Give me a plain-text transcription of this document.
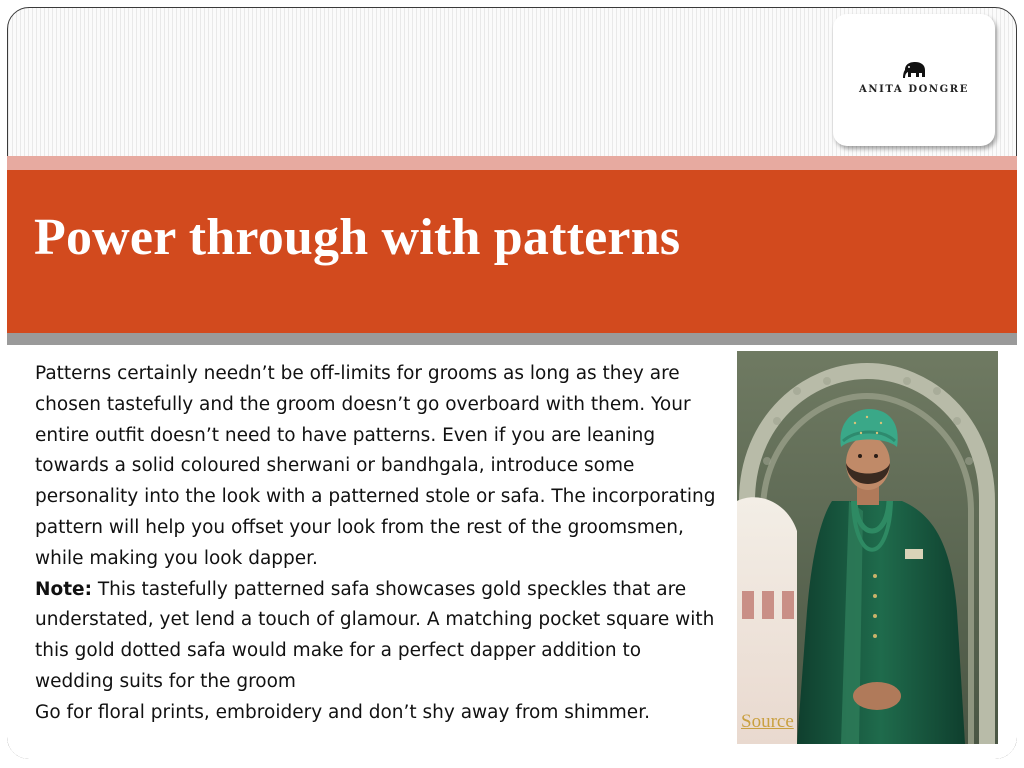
ANITA DONGRE
Power through with patterns

Patterns certainly needn’t be off-limits for grooms as long as they are chosen tastefully and the groom doesn’t go overboard with them. Your entire outfit doesn’t need to have patterns. Even if you are leaning towards a solid coloured sherwani or bandhgala, introduce some personality into the look with a patterned stole or safa. The incorporating pattern will help you offset your look from the rest of the groomsmen, while making you look dapper.
Note: This tastefully patterned safa showcases gold speckles that are understated, yet lend a touch of glamour. A matching pocket square with this gold dotted safa would make for a perfect dapper addition to wedding suits for the groom
Go for floral prints, embroidery and don’t shy away from shimmer.	Source
